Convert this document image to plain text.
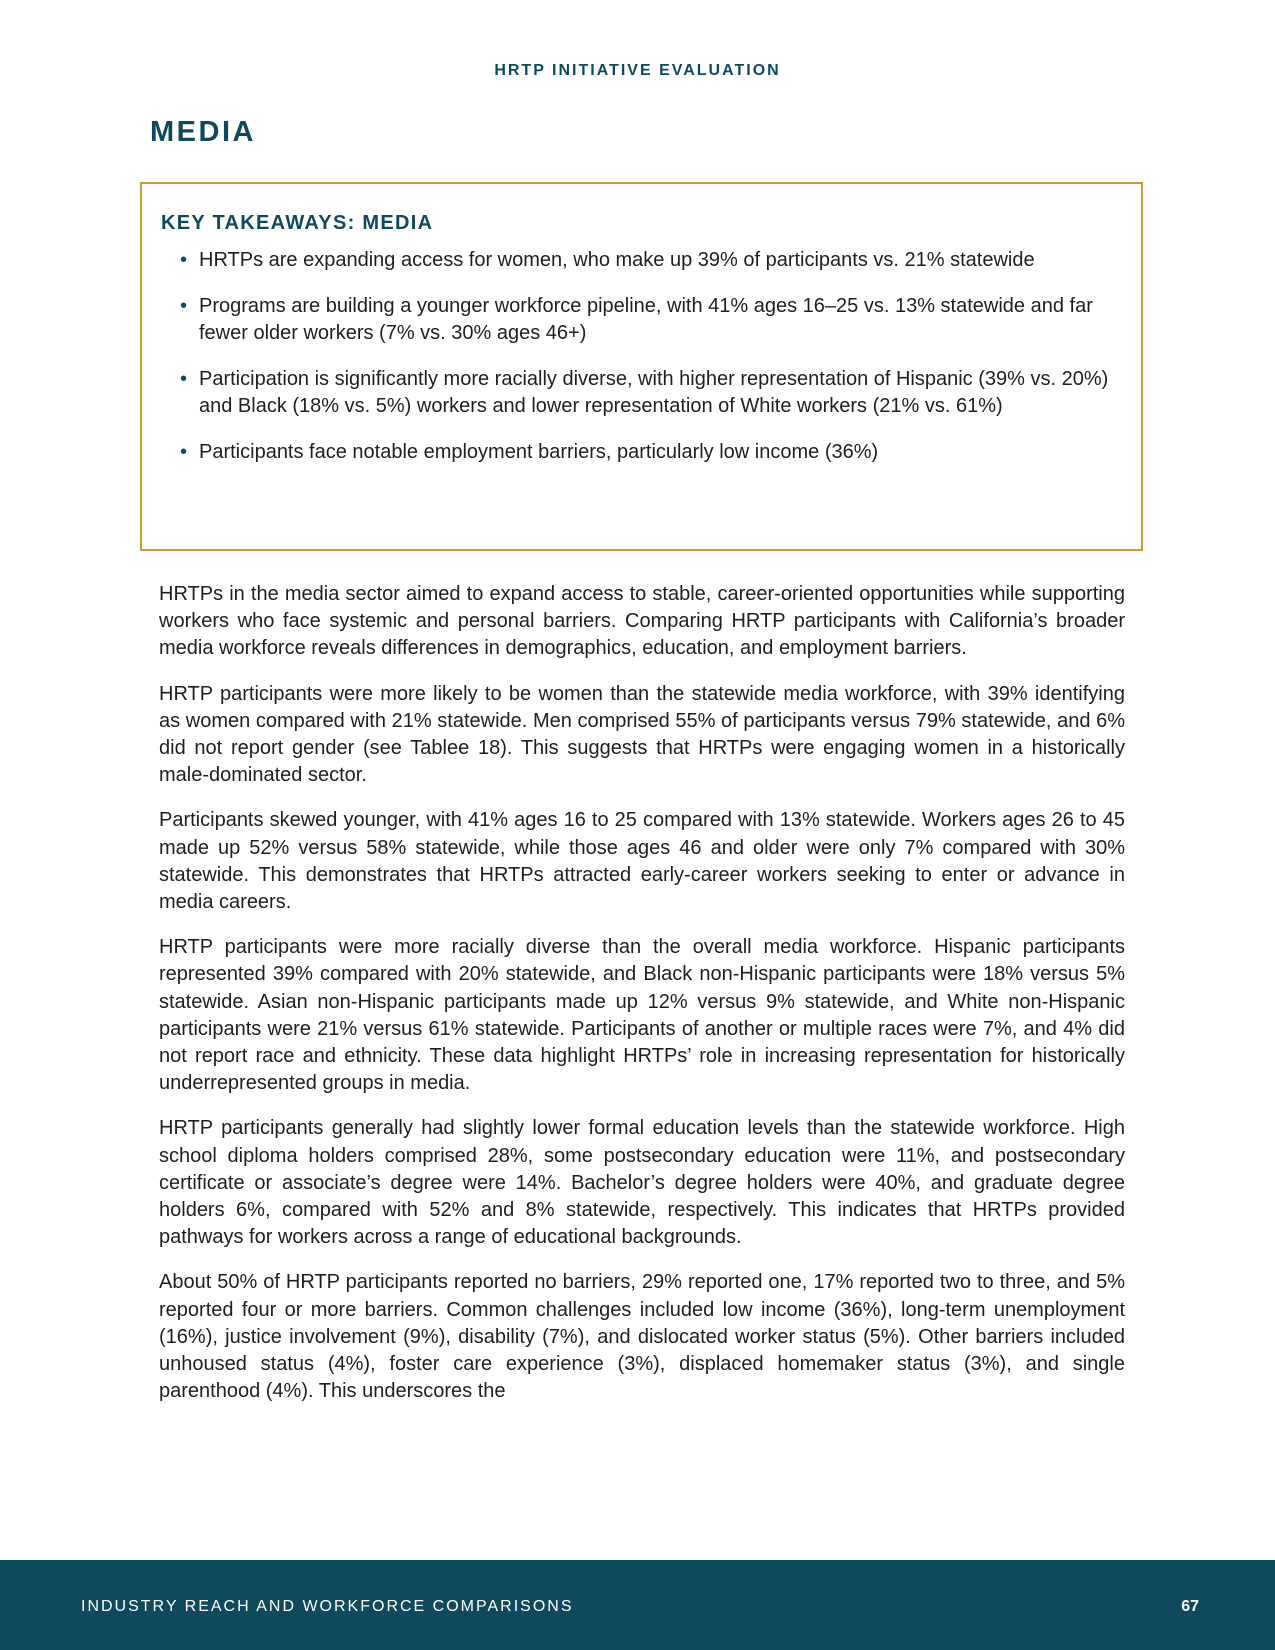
HRTP INITIATIVE EVALUATION
MEDIA
KEY TAKEAWAYS: MEDIA
• HRTPs are expanding access for women, who make up 39% of participants vs. 21% statewide
• Programs are building a younger workforce pipeline, with 41% ages 16–25 vs. 13% statewide and far fewer older workers (7% vs. 30% ages 46+)
• Participation is significantly more racially diverse, with higher representation of Hispanic (39% vs. 20%) and Black (18% vs. 5%) workers and lower representation of White workers (21% vs. 61%)
• Participants face notable employment barriers, particularly low income (36%)

HRTPs in the media sector aimed to expand access to stable, career-oriented opportunities while supporting workers who face systemic and personal barriers. Comparing HRTP participants with California’s broader media workforce reveals differences in demographics, education, and employment barriers.

HRTP participants were more likely to be women than the statewide media workforce, with 39% identifying as women compared with 21% statewide. Men comprised 55% of participants versus 79% statewide, and 6% did not report gender (see Tablee 18). This suggests that HRTPs were engaging women in a historically male-dominated sector.

Participants skewed younger, with 41% ages 16 to 25 compared with 13% statewide. Workers ages 26 to 45 made up 52% versus 58% statewide, while those ages 46 and older were only 7% compared with 30% statewide. This demonstrates that HRTPs attracted early-career workers seeking to enter or advance in media careers.

HRTP participants were more racially diverse than the overall media workforce. Hispanic participants represented 39% compared with 20% statewide, and Black non-Hispanic participants were 18% versus 5% statewide. Asian non-Hispanic participants made up 12% versus 9% statewide, and White non-Hispanic participants were 21% versus 61% statewide. Participants of another or multiple races were 7%, and 4% did not report race and ethnicity. These data highlight HRTPs’ role in increasing representation for historically underrepresented groups in media.

HRTP participants generally had slightly lower formal education levels than the statewide workforce. High school diploma holders comprised 28%, some postsecondary education were 11%, and postsecondary certificate or associate’s degree were 14%. Bachelor’s degree holders were 40%, and graduate degree holders 6%, compared with 52% and 8% statewide, respectively. This indicates that HRTPs provided pathways for workers across a range of educational backgrounds.

About 50% of HRTP participants reported no barriers, 29% reported one, 17% reported two to three, and 5% reported four or more barriers. Common challenges included low income (36%), long-term unemployment (16%), justice involvement (9%), disability (7%), and dislocated worker status (5%). Other barriers included unhoused status (4%), foster care experience (3%), displaced homemaker status (3%), and single parenthood (4%). This underscores the

INDUSTRY REACH AND WORKFORCE COMPARISONS	67
